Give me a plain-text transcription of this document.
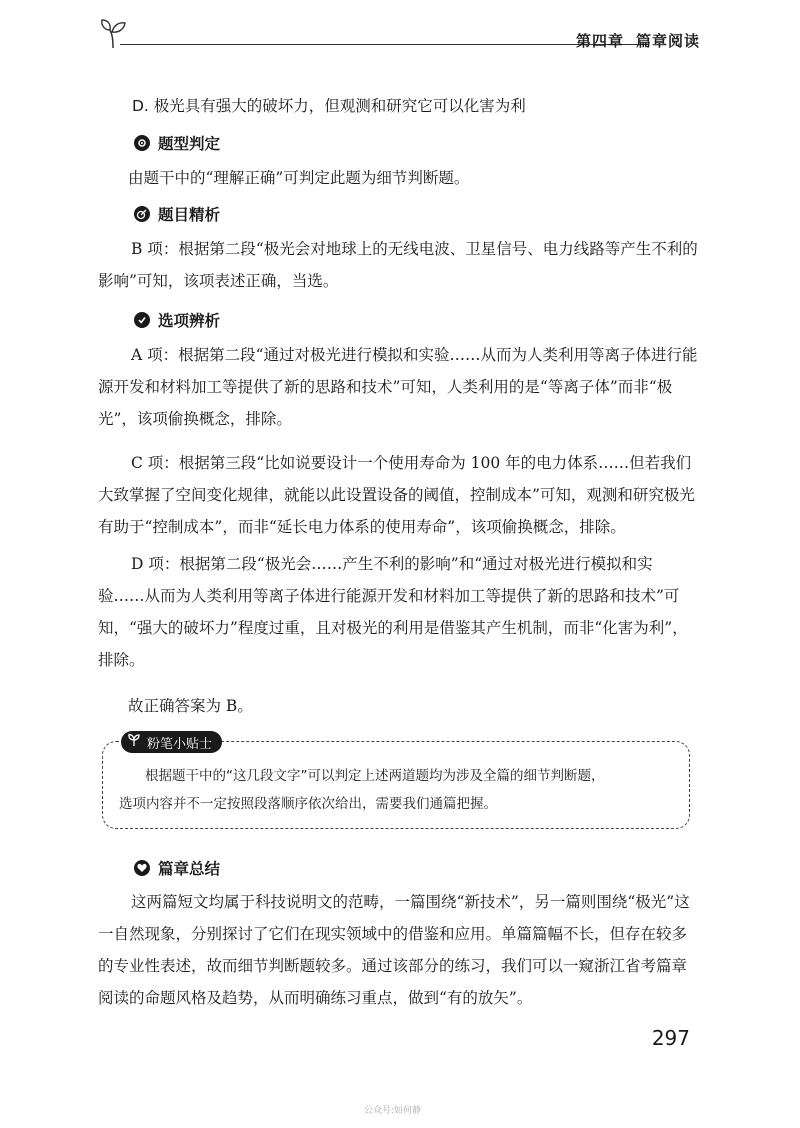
第四章 篇章阅读
D. 极光具有强大的破坏力，但观测和研究它可以化害为利
题型判定
由题干中的“理解正确”可判定此题为细节判断题。
题目精析
B 项：根据第二段“极光会对地球上的无线电波、卫星信号、电力线路等产生不利的影响”可知，该项表述正确，当选。
选项辨析
A 项：根据第二段“通过对极光进行模拟和实验……从而为人类利用等离子体进行能源开发和材料加工等提供了新的思路和技术”可知，人类利用的是“等离子体”而非“极光”，该项偷换概念，排除。
C 项：根据第三段“比如说要设计一个使用寿命为 100 年的电力体系……但若我们大致掌握了空间变化规律，就能以此设置设备的阈值，控制成本”可知，观测和研究极光有助于“控制成本”，而非“延长电力体系的使用寿命”，该项偷换概念，排除。
D 项：根据第二段“极光会……产生不利的影响”和“通过对极光进行模拟和实验……从而为人类利用等离子体进行能源开发和材料加工等提供了新的思路和技术”可知，“强大的破坏力”程度过重，且对极光的利用是借鉴其产生机制，而非“化害为利”，排除。
故正确答案为 B。
篇章总结
这两篇短文均属于科技说明文的范畴，一篇围绕“新技术”，另一篇则围绕“极光”这一自然现象，分别探讨了它们在现实领域中的借鉴和应用。单篇篇幅不长，但存在较多的专业性表述，故而细节判断题较多。通过该部分的练习，我们可以一窥浙江省考篇章阅读的命题风格及趋势，从而明确练习重点，做到“有的放矢”。
粉笔小贴士
根据题干中的“这几段文字”可以判定上述两道题均为涉及全篇的细节判断题，
选项内容并不一定按照段落顺序依次给出，需要我们通篇把握。
297
公众号:如何静
